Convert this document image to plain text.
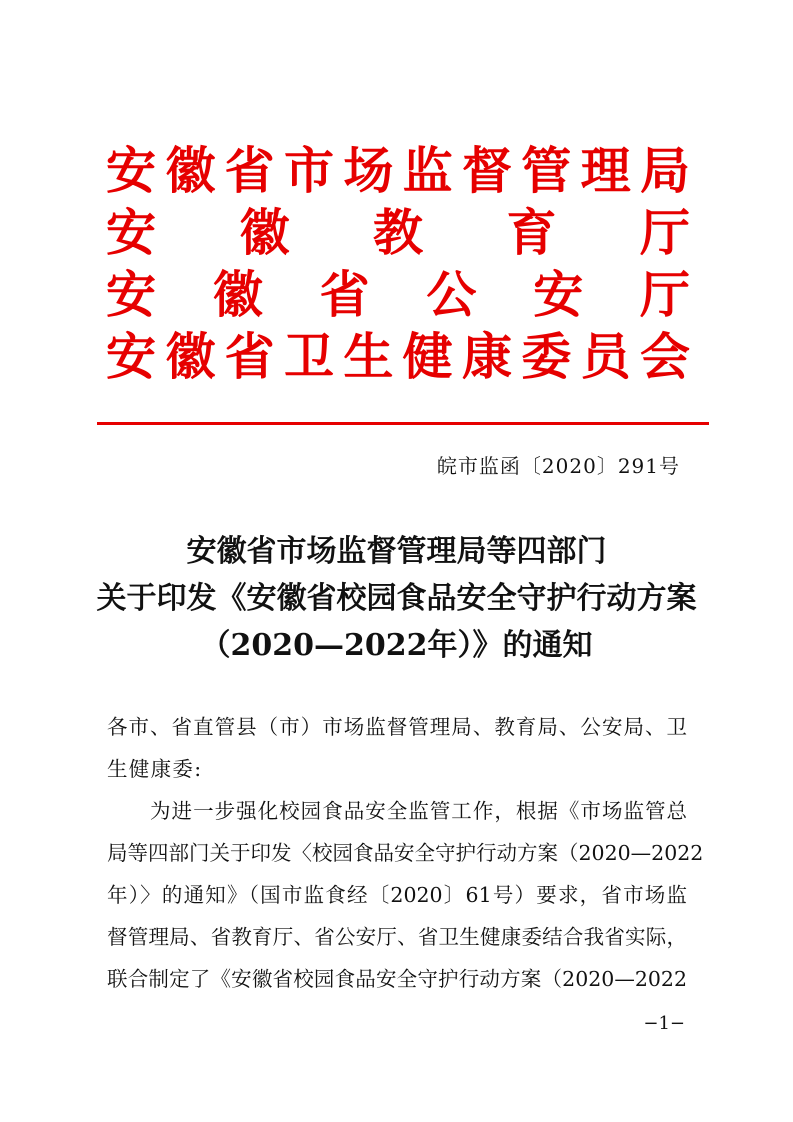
安 徽 省 市 场 监 督 管 理 局
安 徽 教 育 厅
安 徽 省 公 安 厅
安 徽 省 卫 生 健 康 委 员 会
皖市监函〔2020〕291号
安徽省市场监督管理局等四部门
关于印发《安徽省校园食品安全守护行动方案
（2020—2022年）》的通知
各市、省直管县（市）市场监督管理局、教育局、公安局、卫
生健康委:
　　为进一步强化校园食品安全监管工作，根据《市场监管总
局等四部门关于印发〈校园食品安全守护行动方案（2020—2022
年）〉的通知》（国市监食经〔2020〕61号）要求，省市场监
督管理局、省教育厅、省公安厅、省卫生健康委结合我省实际，
联合制定了《安徽省校园食品安全守护行动方案（2020—2022
−1−
